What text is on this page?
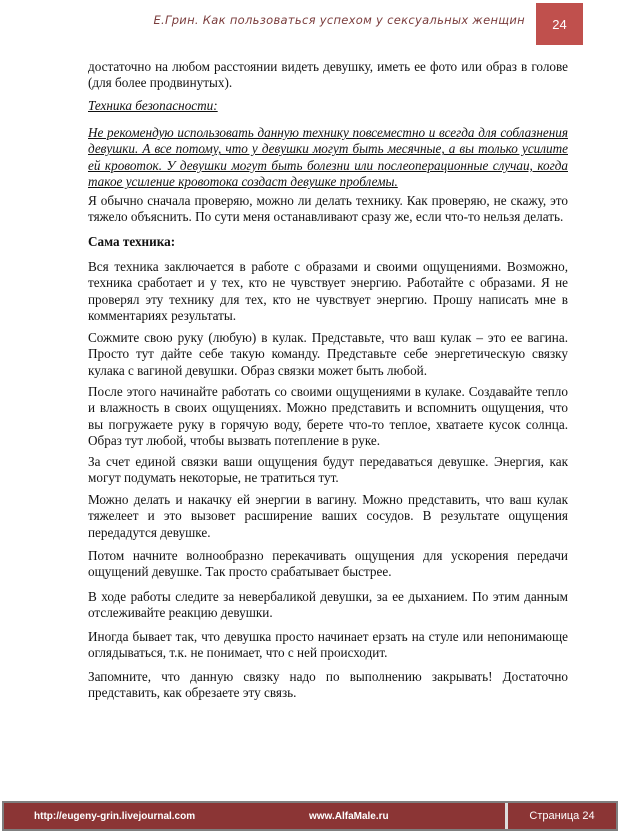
Е.Грин. Как пользоваться успехом у сексуальных женщин	24

достаточно на любом расстоянии видеть девушку, иметь ее фото или образ в голове (для более продвинутых).

Техника безопасности:

Не рекомендую использовать данную технику повсеместно и всегда для соблазнения девушки. А все потому, что у девушки могут быть месячные, а вы только усилите ей кровоток. У девушки могут быть болезни или послеоперационные случаи, когда такое усиление кровотока создаст девушке проблемы.

Я обычно сначала проверяю, можно ли делать технику. Как проверяю, не скажу, это тяжело объяснить. По сути меня останавливают сразу же, если что-то нельзя делать.

Сама техника:

Вся техника заключается в работе с образами и своими ощущениями. Возможно, техника сработает и у тех, кто не чувствует энергию. Работайте с образами. Я не проверял эту технику для тех, кто не чувствует энергию. Прошу написать мне в комментариях результаты.

Сожмите свою руку (любую) в кулак. Представьте, что ваш кулак – это ее вагина. Просто тут дайте себе такую команду. Представьте себе энергетическую связку кулака с вагиной девушки. Образ связки может быть любой.

После этого начинайте работать со своими ощущениями в кулаке. Создавайте тепло и влажность в своих ощущениях. Можно представить и вспомнить ощущения, что вы погружаете руку в горячую воду, берете что-то теплое, хватаете кусок солнца. Образ тут любой, чтобы вызвать потепление в руке.

За счет единой связки ваши ощущения будут передаваться девушке. Энергия, как могут подумать некоторые, не тратиться тут.

Можно делать и накачку ей энергии в вагину. Можно представить, что ваш кулак тяжелеет и это вызовет расширение ваших сосудов. В результате ощущения передадутся девушке.

Потом начните волнообразно перекачивать ощущения для ускорения передачи ощущений девушке. Так просто срабатывает быстрее.

В ходе работы следите за невербаликой девушки, за ее дыханием. По этим данным отслеживайте реакцию девушки.

Иногда бывает так, что девушка просто начинает ерзать на стуле или непонимающе оглядываться, т.к. не понимает, что с ней происходит.

Запомните, что данную связку надо по выполнению закрывать! Достаточно представить, как обрезаете эту связь.

http://eugeny-grin.livejournal.com	www.AlfaMale.ru	Страница 24
